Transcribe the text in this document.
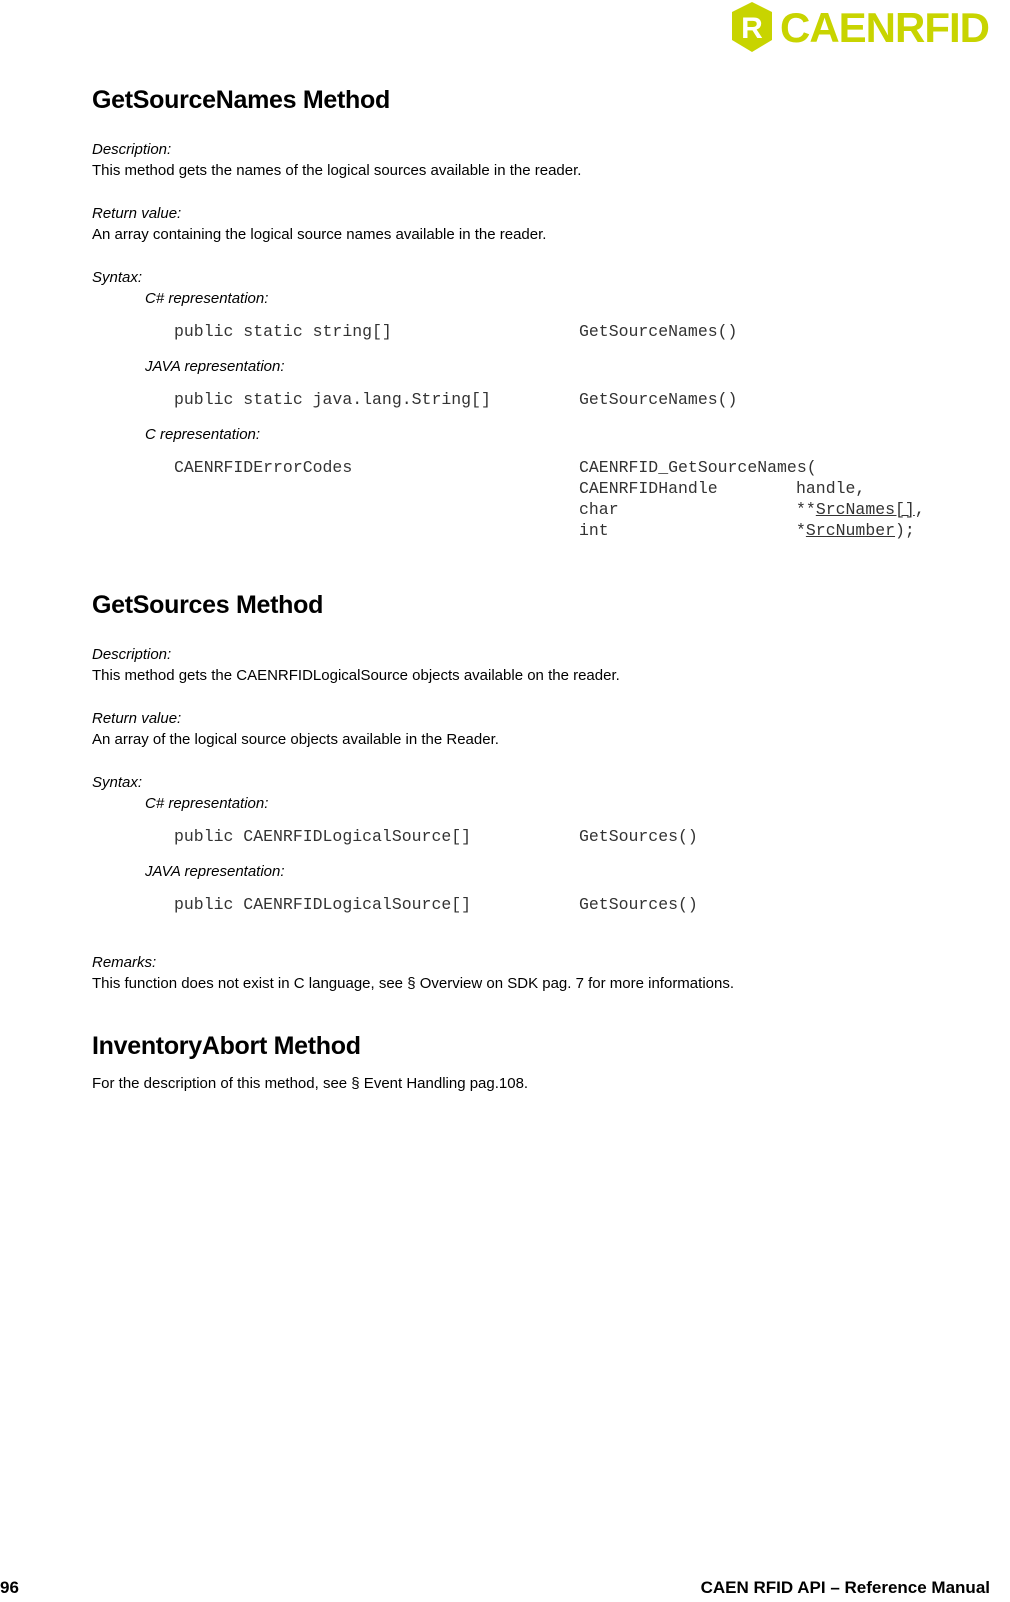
R CAENRFID
GetSourceNames Method
Description:
This method gets the names of the logical sources available in the reader.
Return value:
An array containing the logical source names available in the reader.
Syntax:
C# representation:
public static string[]	GetSourceNames()
JAVA representation:
public static java.lang.String[]	GetSourceNames()
C representation:
CAENRFIDErrorCodes	CAENRFID_GetSourceNames(
CAENRFIDHandle	handle,
char	**SrcNames[],
int	*SrcNumber);
GetSources Method
Description:
This method gets the CAENRFIDLogicalSource objects available on the reader.
Return value:
An array of the logical source objects available in the Reader.
Syntax:
C# representation:
public CAENRFIDLogicalSource[]	GetSources()
JAVA representation:
public CAENRFIDLogicalSource[]	GetSources()
Remarks:
This function does not exist in C language, see § Overview on SDK pag. 7 for more informations.
InventoryAbort Method
For the description of this method, see § Event Handling pag.108.
96	CAEN RFID API – Reference Manual
